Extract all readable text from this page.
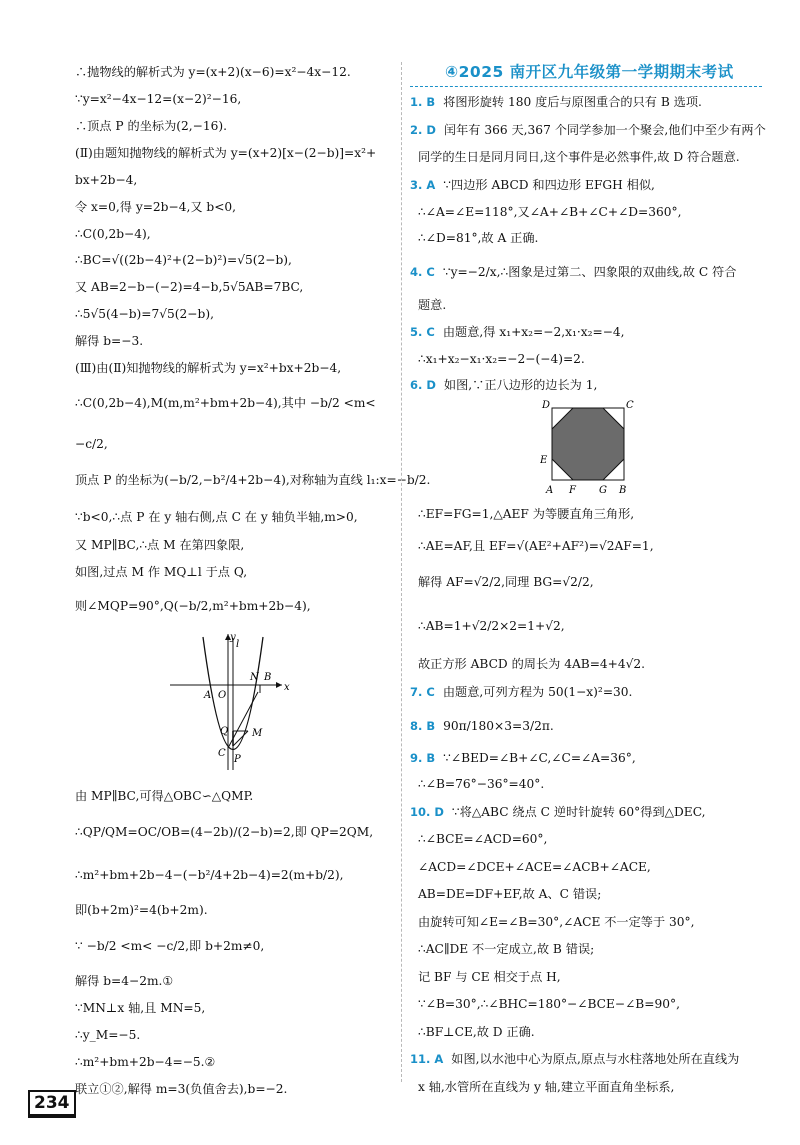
∴抛物线的解析式为 y=(x+2)(x−6)=x²−4x−12.
∵y=x²−4x−12=(x−2)²−16,
∴顶点 P 的坐标为(2,−16).
(Ⅱ)由题知抛物线的解析式为 y=(x+2)[x−(2−b)]=x²+
bx+2b−4,
令 x=0,得 y=2b−4,又 b<0,
∴C(0,2b−4),
∴BC=√((2b−4)²+(2−b)²)=√5(2−b),
又 AB=2−b−(−2)=4−b,5√5AB=7BC,
∴5√5(4−b)=7√5(2−b),
解得 b=−3.
(Ⅲ)由(Ⅱ)知抛物线的解析式为 y=x²+bx+2b−4,
∴C(0,2b−4),M(m,m²+bm+2b−4),其中 −b/2 <m<
−c/2,
顶点 P 的坐标为(−b/2,−b²/4+2b−4),对称轴为直线 l₁:x=−b/2.
∵b<0,∴点 P 在 y 轴右侧,点 C 在 y 轴负半轴,m>0,
又 MP∥BC,∴点 M 在第四象限,
如图,过点 M 作 MQ⊥l 于点 Q,
则∠MQP=90°,Q(−b/2,m²+bm+2b−4),
y
l
x
A O
N B
Q M
C
P
由 MP∥BC,可得△OBC∽△QMP.
∴QP/QM=OC/OB=(4−2b)/(2−b)=2,即 QP=2QM,
∴m²+bm+2b−4−(−b²/4+2b−4)=2(m+b/2),
即(b+2m)²=4(b+2m).
∵ −b/2 <m< −c/2,即 b+2m≠0,
解得 b=4−2m.①
∵MN⊥x 轴,且 MN=5,
∴y_M=−5.
∴m²+bm+2b−4=−5.②
联立①②,解得 m=3(负值舍去),b=−2.
④2025 南开区九年级第一学期期末考试
1. B 将图形旋转 180 度后与原图重合的只有 B 选项.
2. D 闰年有 366 天,367 个同学参加一个聚会,他们中至少有两个
同学的生日是同月同日,这个事件是必然事件,故 D 符合题意.
3. A ∵四边形 ABCD 和四边形 EFGH 相似,
∴∠A=∠E=118°,又∠A+∠B+∠C+∠D=360°,
∴∠D=81°,故 A 正确.
4. C ∵y=−2/x,∴图象是过第二、四象限的双曲线,故 C 符合
题意.
5. C 由题意,得 x₁+x₂=−2,x₁·x₂=−4,
∴x₁+x₂−x₁·x₂=−2−(−4)=2.
6. D 如图,∵正八边形的边长为 1,
D	C
E
A F G B
∴EF=FG=1,△AEF 为等腰直角三角形,
∴AE=AF,且 EF=√(AE²+AF²)=√2AF=1,
解得 AF=√2/2,同理 BG=√2/2,
∴AB=1+√2/2×2=1+√2,
故正方形 ABCD 的周长为 4AB=4+4√2.
7. C 由题意,可列方程为 50(1−x)²=30.
8. B 90π/180×3=3/2π.
9. B ∵∠BED=∠B+∠C,∠C=∠A=36°,
∴∠B=76°−36°=40°.
10. D ∵将△ABC 绕点 C 逆时针旋转 60°得到△DEC,
∴∠BCE=∠ACD=60°,
∠ACD=∠DCE+∠ACE=∠ACB+∠ACE,
AB=DE=DF+EF,故 A、C 错误;
由旋转可知∠E=∠B=30°,∠ACE 不一定等于 30°,
∴AC∥DE 不一定成立,故 B 错误;
记 BF 与 CE 相交于点 H,
∵∠B=30°,∴∠BHC=180°−∠BCE−∠B=90°,
∴BF⊥CE,故 D 正确.
11. A 如图,以水池中心为原点,原点与水柱落地处所在直线为
x 轴,水管所在直线为 y 轴,建立平面直角坐标系,
234
